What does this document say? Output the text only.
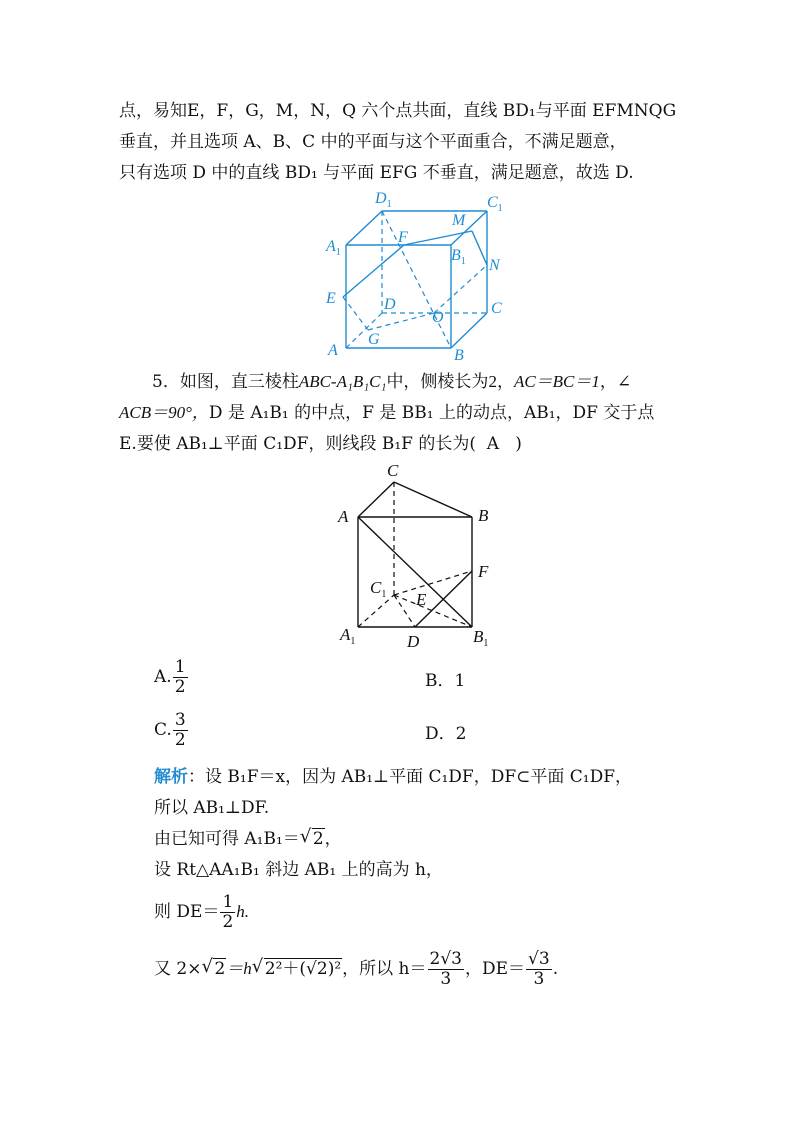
点，易知E，F，G，M，N，Q 六个点共面，直线 BD₁与平面 EFMNQG
垂直，并且选项 A、B、C 中的平面与这个平面重合，不满足题意，
只有选项 D 中的直线 BD₁ 与平面 EFG 不垂直，满足题意，故选 D.
$D_1$	$C_1$
M
$A_1$
F
$B_1$ N
E	D
O
C
A
G
B
5．如图，直三棱柱ABC-A₁B₁C₁中，侧棱长为2，AC＝BC＝1，∠
ACB＝90°，D 是 A₁B₁ 的中点，F 是 BB₁ 上的动点，AB₁，DF 交于点
E.要使 AB₁⊥平面 C₁DF，则线段 B₁F 的长为( A )
C
A	B
F
$C_1$ E
$A_1$	D	$B_1$
A. $\frac{1}{2}$	B．1
C. $\frac{3}{2}$	D．2
解析：设 B₁F＝x，因为 AB₁⊥平面 C₁DF，DF⊂平面 C₁DF，
所以 AB₁⊥DF.
由已知可得 A₁B₁＝ √ 2，
设 Rt△AA₁B₁ 斜边 AB₁ 上的高为 h，
则 $DE= \frac{1}{2} h$.
又 2× √ 2＝h √ 2²＋(√2)²，所以 $h= \frac{2√3}{3}$ ，$DE= \frac{√3}{3}$ .
